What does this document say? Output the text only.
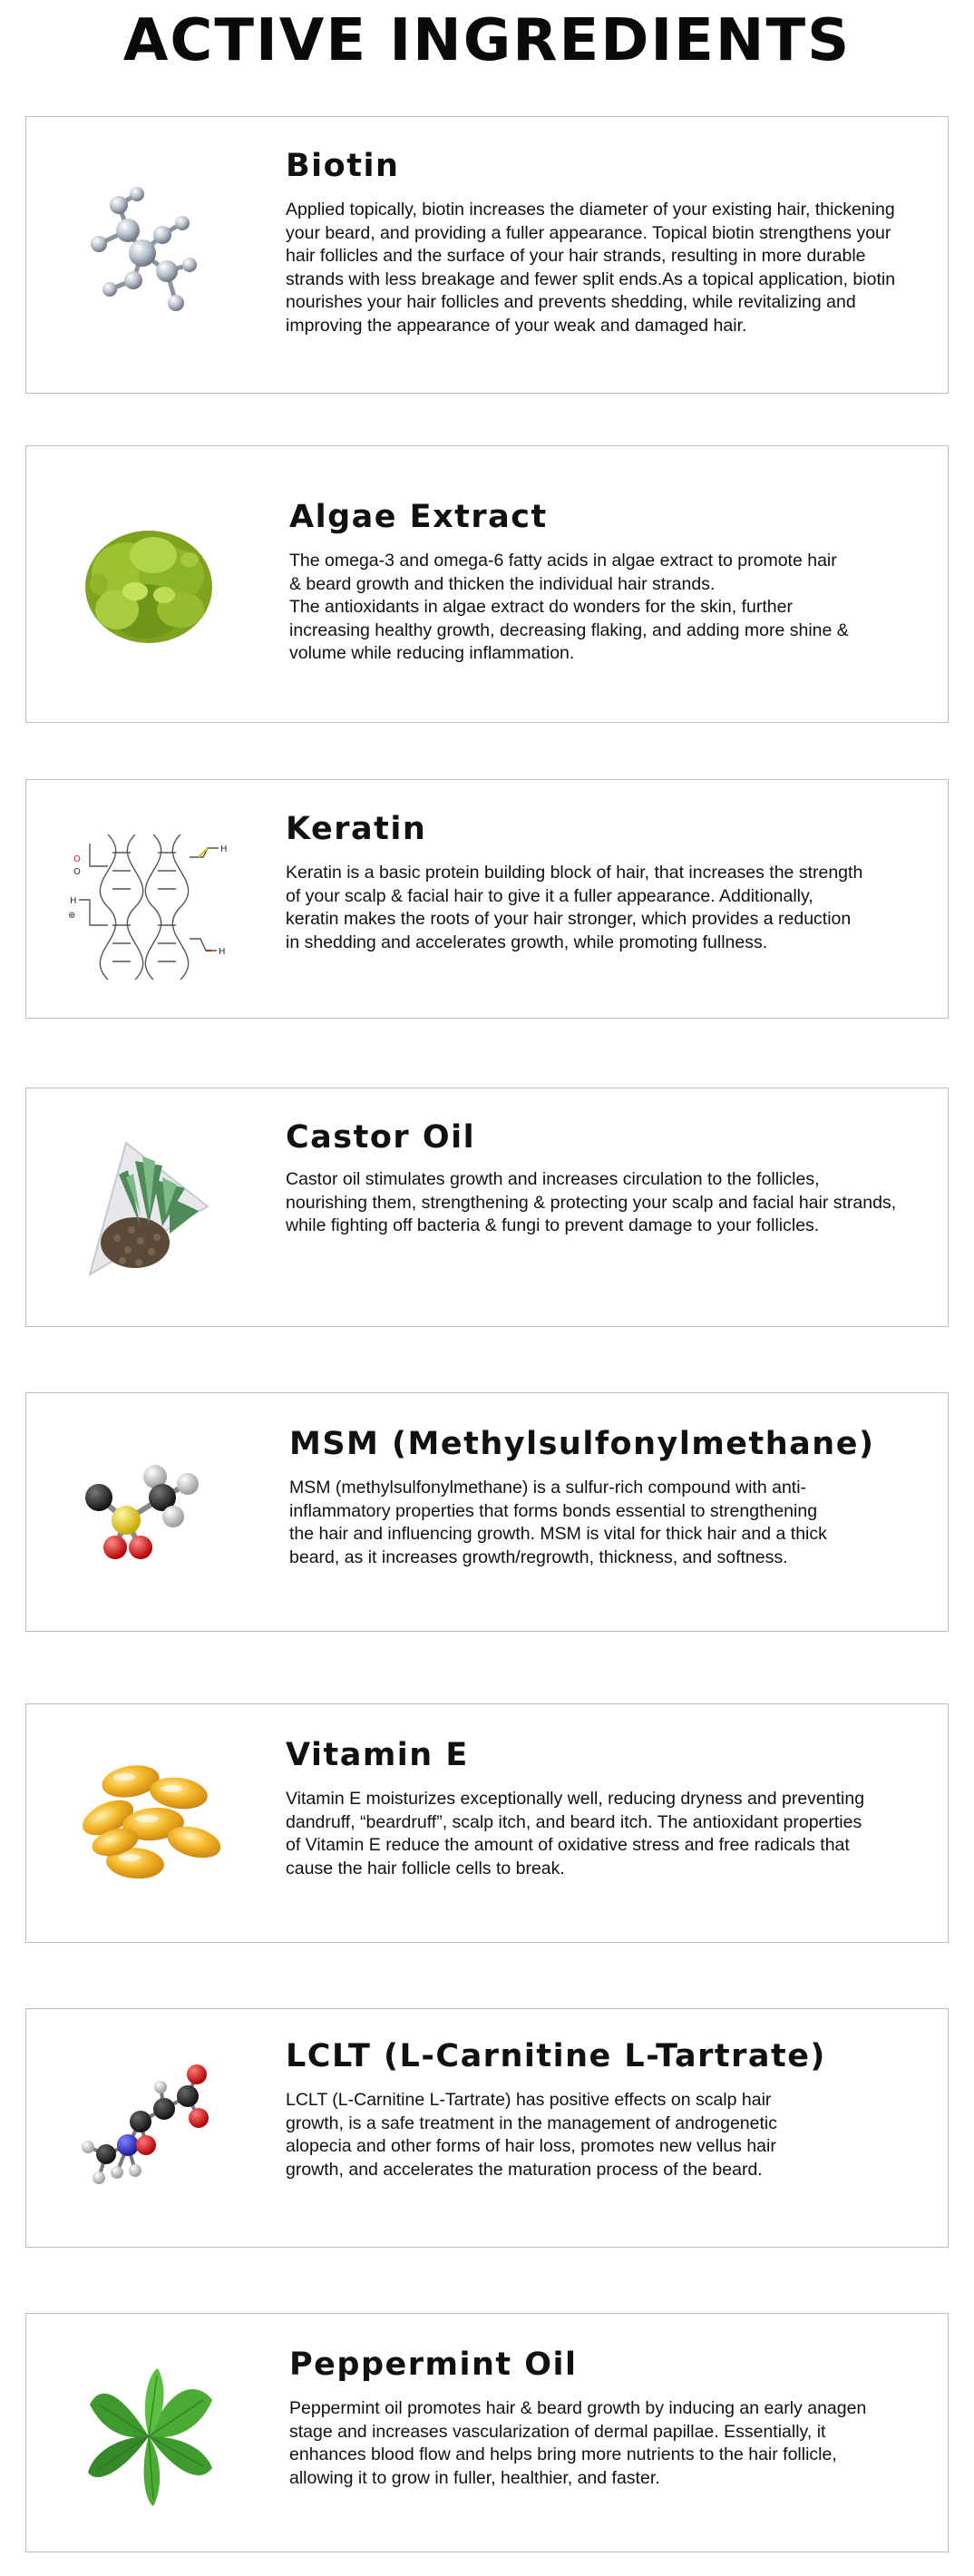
ACTIVE INGREDIENTS
Biotin

Applied topically, biotin increases the diameter of your existing hair, thickening your beard, and providing a fuller appearance. Topical biotin strengthens your hair follicles and the surface of your hair strands, resulting in more durable strands with less breakage and fewer split ends.As a topical application, biotin nourishes your hair follicles and prevents shedding, while revitalizing and improving the appearance of your weak and damaged hair.

Algae Extract

The omega-3 and omega-6 fatty acids in algae extract to promote hair & beard growth and thicken the individual hair strands.
The antioxidants in algae extract do wonders for the skin, further increasing healthy growth, decreasing flaking, and adding more shine & volume while reducing inflammation.

O
O
H
⊕
H
H
Keratin

Keratin is a basic protein building block of hair, that increases the strength of your scalp & facial hair to give it a fuller appearance. Additionally, keratin makes the roots of your hair stronger, which provides a reduction in shedding and accelerates growth, while promoting fullness.

Castor Oil

Castor oil stimulates growth and increases circulation to the follicles, nourishing them, strengthening & protecting your scalp and facial hair strands, while fighting off bacteria & fungi to prevent damage to your follicles.

MSM (Methylsulfonylmethane)

MSM (methylsulfonylmethane) is a sulfur-rich compound with anti-inflammatory properties that forms bonds essential to strengthening the hair and influencing growth. MSM is vital for thick hair and a thick beard, as it increases growth/regrowth, thickness, and softness.

Vitamin E

Vitamin E moisturizes exceptionally well, reducing dryness and preventing dandruff, “beardruff”, scalp itch, and beard itch. The antioxidant properties of Vitamin E reduce the amount of oxidative stress and free radicals that cause the hair follicle cells to break.

LCLT (L-Carnitine L-Tartrate)

LCLT (L-Carnitine L-Tartrate) has positive effects on scalp hair growth, is a safe treatment in the management of androgenetic alopecia and other forms of hair loss, promotes new vellus hair growth, and accelerates the maturation process of the beard.

Peppermint Oil

Peppermint oil promotes hair & beard growth by inducing an early anagen stage and increases vascularization of dermal papillae. Essentially, it enhances blood flow and helps bring more nutrients to the hair follicle, allowing it to grow in fuller, healthier, and faster.
